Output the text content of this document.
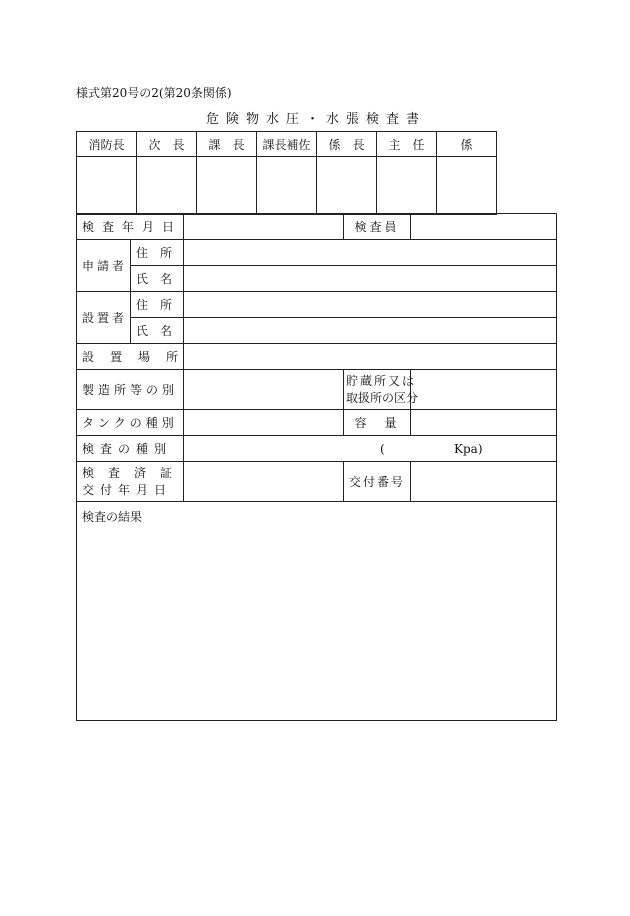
様式第20号の2(第20条関係)
危険物水圧・水張検査書
消防長	次　長	課　長	課長補佐	係　長	主　任	係

検査年月日			検査員	
申請者	住　所			

氏　名			

設置者	住　所			

氏　名			

設置場所				
製造所等の別			貯蔵所又は
取扱所の区分	

タンクの種別			容　量	
検査の種別		( Kpa)		

検査済証
交付年月日			交付番号	
検査の結果				
